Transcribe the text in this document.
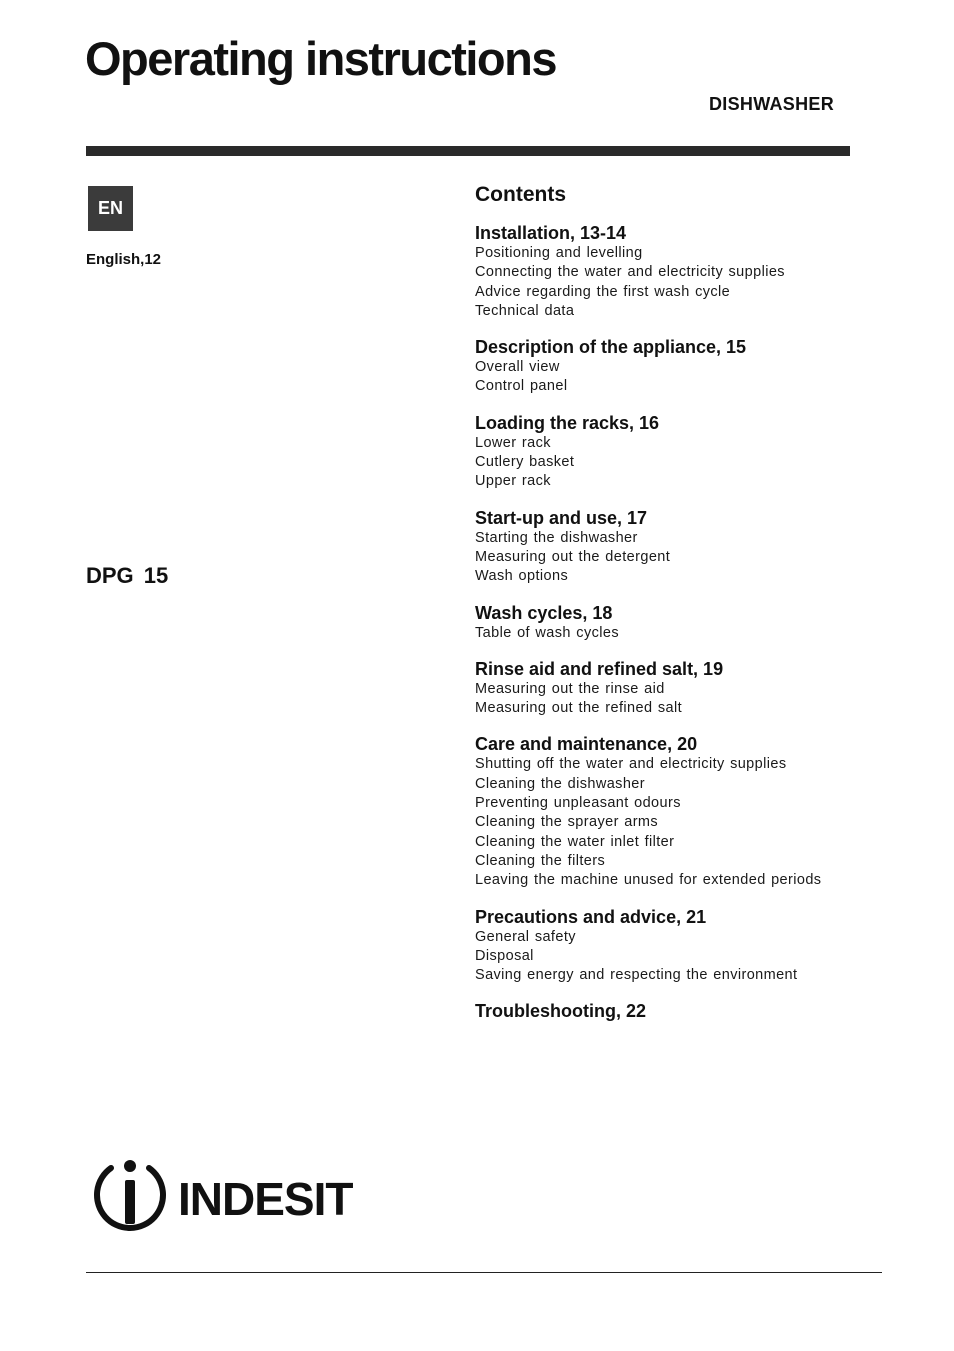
Operating instructions
DISHWASHER
EN
English,12
DPG 15
Contents
Installation, 13-14
Positioning and levelling
Connecting the water and electricity supplies
Advice regarding the first wash cycle
Technical data
Description of the appliance, 15
Overall view
Control panel
Loading the racks, 16
Lower rack
Cutlery basket
Upper rack
Start-up and use, 17
Starting the dishwasher
Measuring out the detergent
Wash options
Wash cycles, 18
Table of wash cycles
Rinse aid and refined salt, 19
Measuring out the rinse aid
Measuring out the refined salt
Care and maintenance, 20
Shutting off the water and electricity supplies
Cleaning the dishwasher
Preventing unpleasant odours
Cleaning the sprayer arms
Cleaning the water inlet filter
Cleaning the filters
Leaving the machine unused for extended periods
Precautions and advice, 21
General safety
Disposal
Saving energy and respecting the environment
Troubleshooting, 22
INDESIT
